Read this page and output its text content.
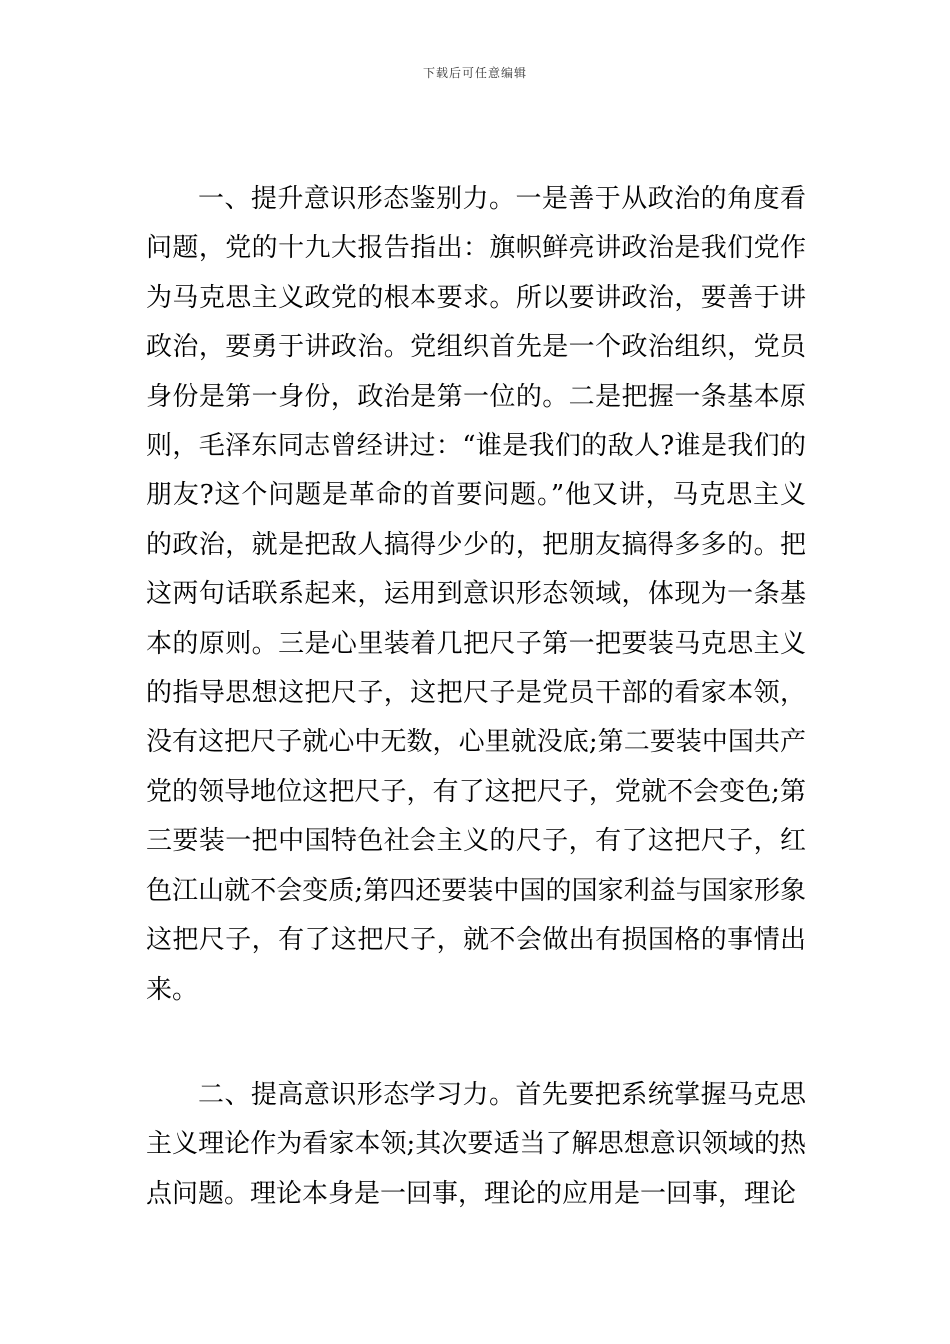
下载后可任意编辑

一、提升意识形态鉴别力。一是善于从政治的角度看问题，党的十九大报告指出：旗帜鲜亮讲政治是我们党作为马克思主义政党的根本要求。所以要讲政治，要善于讲政治，要勇于讲政治。党组织首先是一个政治组织，党员身份是第一身份，政治是第一位的。二是把握一条基本原则，毛泽东同志曾经讲过：“谁是我们的敌人?谁是我们的朋友?这个问题是革命的首要问题。”他又讲，马克思主义的政治，就是把敌人搞得少少的，把朋友搞得多多的。把这两句话联系起来，运用到意识形态领域，体现为一条基本的原则。三是心里装着几把尺子第一把要装马克思主义的指导思想这把尺子，这把尺子是党员干部的看家本领，没有这把尺子就心中无数，心里就没底;第二要装中国共产党的领导地位这把尺子，有了这把尺子，党就不会变色;第三要装一把中国特色社会主义的尺子，有了这把尺子，红色江山就不会变质;第四还要装中国的国家利益与国家形象这把尺子，有了这把尺子，就不会做出有损国格的事情出来。

二、提高意识形态学习力。首先要把系统掌握马克思主义理论作为看家本领;其次要适当了解思想意识领域的热点问题。理论本身是一回事，理论的应用是一回事，理论
